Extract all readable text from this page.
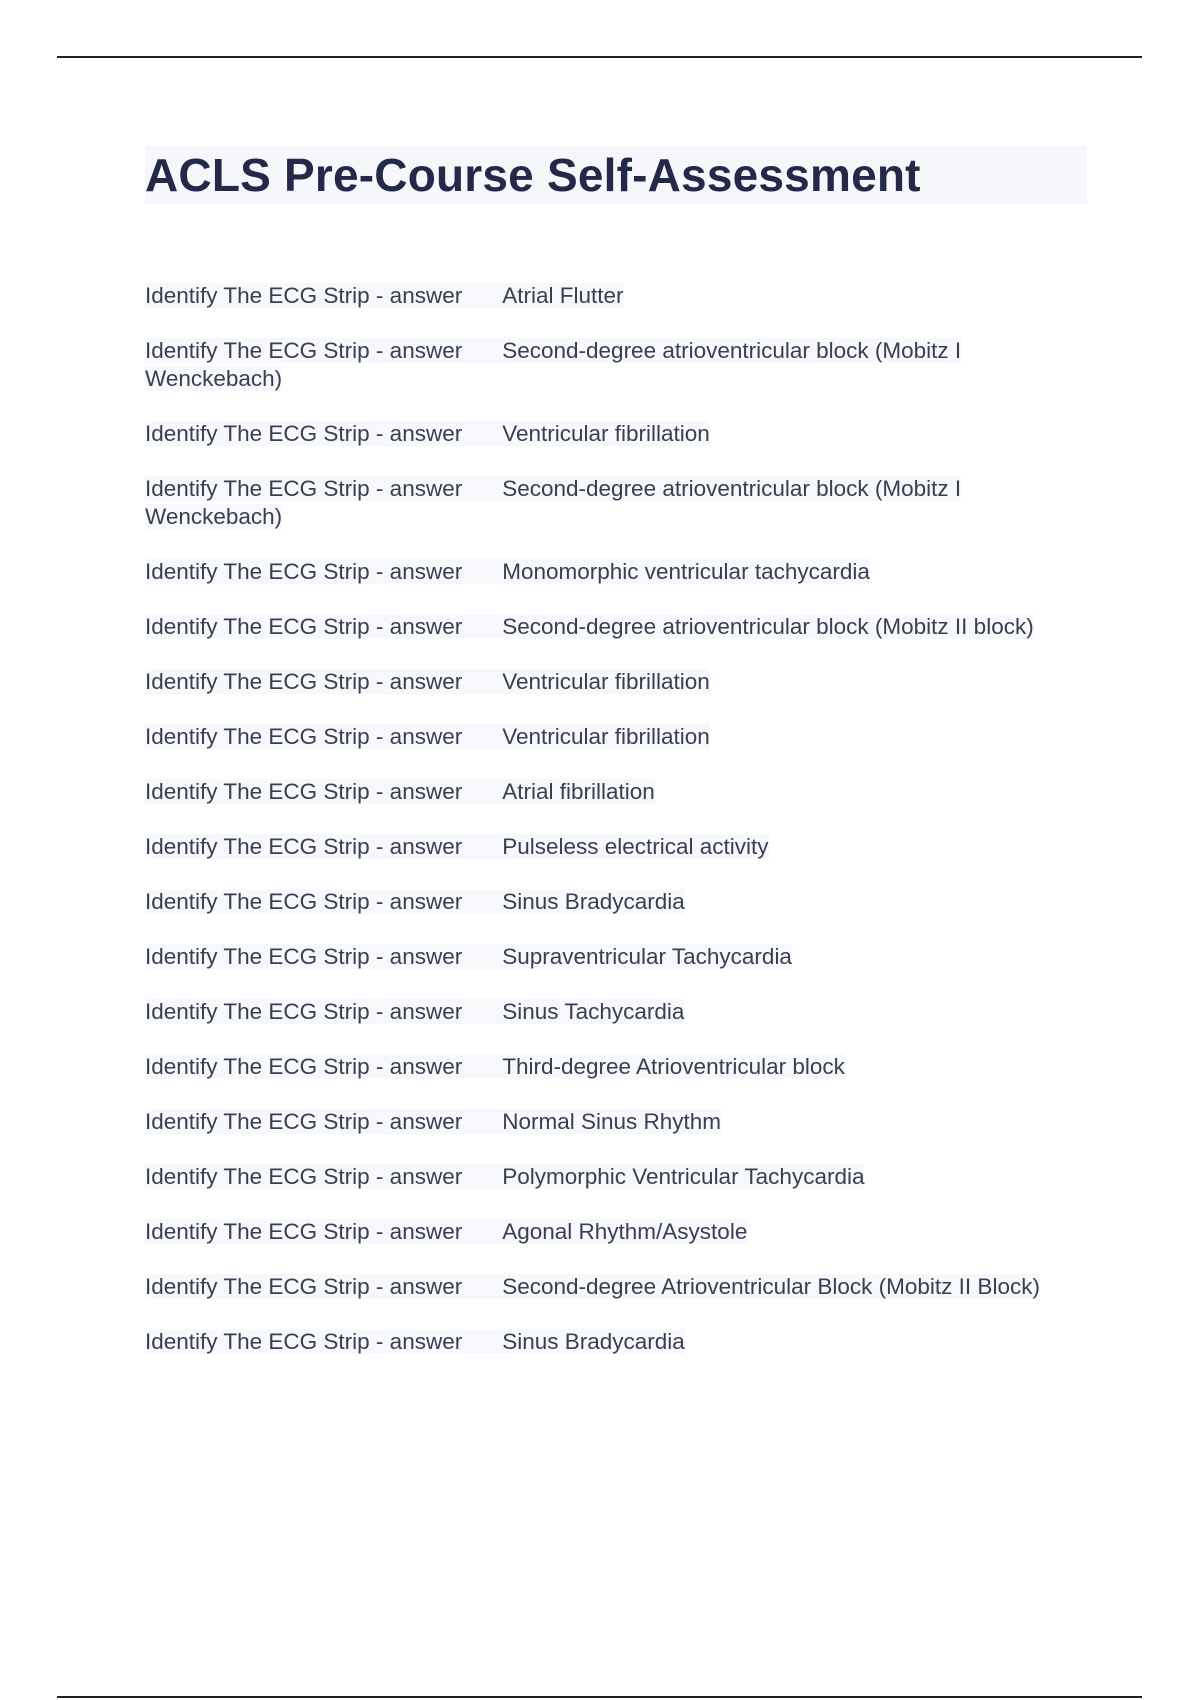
ACLS Pre-Course Self-Assessment
Identify The ECG Strip - answer Atrial Flutter
Identify The ECG Strip - answer Second-degree atrioventricular block (Mobitz I Wenckebach)
Identify The ECG Strip - answer Ventricular fibrillation
Identify The ECG Strip - answer Second-degree atrioventricular block (Mobitz I Wenckebach)
Identify The ECG Strip - answer Monomorphic ventricular tachycardia
Identify The ECG Strip - answer Second-degree atrioventricular block (Mobitz II block)
Identify The ECG Strip - answer Ventricular fibrillation
Identify The ECG Strip - answer Ventricular fibrillation
Identify The ECG Strip - answer Atrial fibrillation
Identify The ECG Strip - answer Pulseless electrical activity
Identify The ECG Strip - answer Sinus Bradycardia
Identify The ECG Strip - answer Supraventricular Tachycardia
Identify The ECG Strip - answer Sinus Tachycardia
Identify The ECG Strip - answer Third-degree Atrioventricular block
Identify The ECG Strip - answer Normal Sinus Rhythm
Identify The ECG Strip - answer Polymorphic Ventricular Tachycardia
Identify The ECG Strip - answer Agonal Rhythm/Asystole
Identify The ECG Strip - answer Second-degree Atrioventricular Block (Mobitz II Block)
Identify The ECG Strip - answer Sinus Bradycardia
